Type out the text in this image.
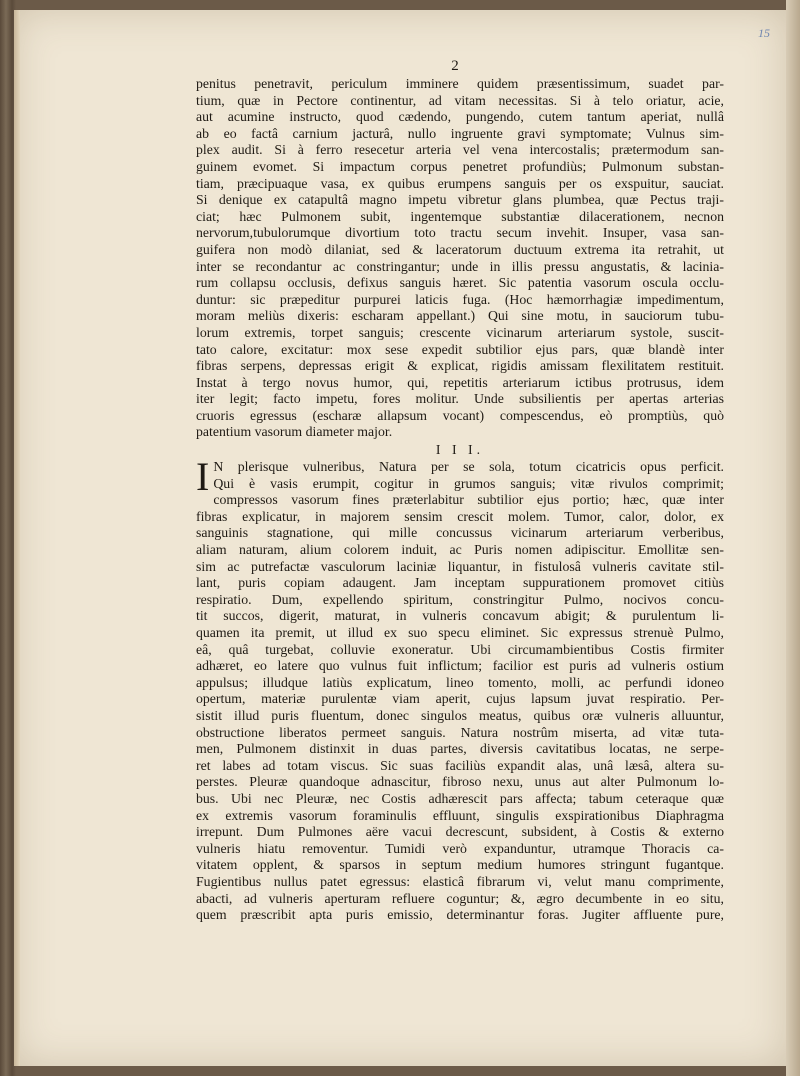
15
2
penitus penetravit, periculum imminere quidem præsentissimum, suadet par-
tium, quæ in Pectore continentur, ad vitam necessitas. Si à telo oriatur, acie,
aut acumine instructo, quod cædendo, pungendo, cutem tantum aperiat, nullâ
ab eo factâ carnium jacturâ, nullo ingruente gravi symptomate; Vulnus sim-
plex audit. Si à ferro resecetur arteria vel vena intercostalis; prætermodum san-
guinem evomet. Si impactum corpus penetret profundiùs; Pulmonum substan-
tiam, præcipuaque vasa, ex quibus erumpens sanguis per os exspuitur, sauciat.
Si denique ex catapultâ magno impetu vibretur glans plumbea, quæ Pectus traji-
ciat; hæc Pulmonem subit, ingentemque substantiæ dilacerationem, necnon
nervorum,tubulorumque divortium toto tractu secum invehit. Insuper, vasa san-
guifera non modò dilaniat, sed & laceratorum ductuum extrema ita retrahit, ut
inter se recondantur ac constringantur; unde in illis pressu angustatis, & lacinia-
rum collapsu occlusis, defixus sanguis hæret. Sic patentia vasorum oscula occlu-
duntur: sic præpeditur purpurei laticis fuga. (Hoc hæmorrhagiæ impedimentum,
moram meliùs dixeris: escharam appellant.) Qui sine motu, in sauciorum tubu-
lorum extremis, torpet sanguis; crescente vicinarum arteriarum systole, suscit-
tato calore, excitatur: mox sese expedit subtilior ejus pars, quæ blandè inter
fibras serpens, depressas erigit & explicat, rigidis amissam flexilitatem restituit.
Instat à tergo novus humor, qui, repetitis arteriarum ictibus protrusus, idem
iter legit; facto impetu, fores molitur. Unde subsilientis per apertas arterias
cruoris egressus (escharæ allapsum vocant) compescendus, eò promptiùs, quò
patentium vasorum diameter major.
I I I.
I N plerisque vulneribus, Natura per se sola, totum cicatricis opus perficit.
Qui è vasis erumpit, cogitur in grumos sanguis; vitæ rivulos comprimit;
compressos vasorum fines præterlabitur subtilior ejus portio; hæc, quæ inter
fibras explicatur, in majorem sensim crescit molem. Tumor, calor, dolor, ex
sanguinis stagnatione, qui mille concussus vicinarum arteriarum verberibus,
aliam naturam, alium colorem induit, ac Puris nomen adipiscitur. Emollitæ sen-
sim ac putrefactæ vasculorum laciniæ liquantur, in fistulosâ vulneris cavitate stil-
lant, puris copiam adaugent. Jam inceptam suppurationem promovet citiùs
respiratio. Dum, expellendo spiritum, constringitur Pulmo, nocivos concu-
tit succos, digerit, maturat, in vulneris concavum abigit; & purulentum li-
quamen ita premit, ut illud ex suo specu eliminet. Sic expressus strenuè Pulmo,
eâ, quâ turgebat, colluvie exoneratur. Ubi circumambientibus Costis firmiter
adhæret, eo latere quo vulnus fuit inflictum; facilior est puris ad vulneris ostium
appulsus; illudque latiùs explicatum, lineo tomento, molli, ac perfundi idoneo
opertum, materiæ purulentæ viam aperit, cujus lapsum juvat respiratio. Per-
sistit illud puris fluentum, donec singulos meatus, quibus oræ vulneris alluuntur,
obstructione liberatos permeet sanguis. Natura nostrûm miserta, ad vitæ tuta-
men, Pulmonem distinxit in duas partes, diversis cavitatibus locatas, ne serpe-
ret labes ad totam viscus. Sic suas faciliùs expandit alas, unâ læsâ, altera su-
perstes. Pleuræ quandoque adnascitur, fibroso nexu, unus aut alter Pulmonum lo-
bus. Ubi nec Pleuræ, nec Costis adhærescit pars affecta; tabum ceteraque quæ
ex extremis vasorum foraminulis effluunt, singulis exspirationibus Diaphragma
irrepunt. Dum Pulmones aëre vacui decrescunt, subsident, à Costis & externo
vulneris hiatu removentur. Tumidi verò expanduntur, utramque Thoracis ca-
vitatem opplent, & sparsos in septum medium humores stringunt fugantque.
Fugientibus nullus patet egressus: elasticâ fibrarum vi, velut manu comprimente,
abacti, ad vulneris aperturam refluere coguntur; &, ægro decumbente in eo situ,
quem præscribit apta puris emissio, determinantur foras. Jugiter affluente pure,
